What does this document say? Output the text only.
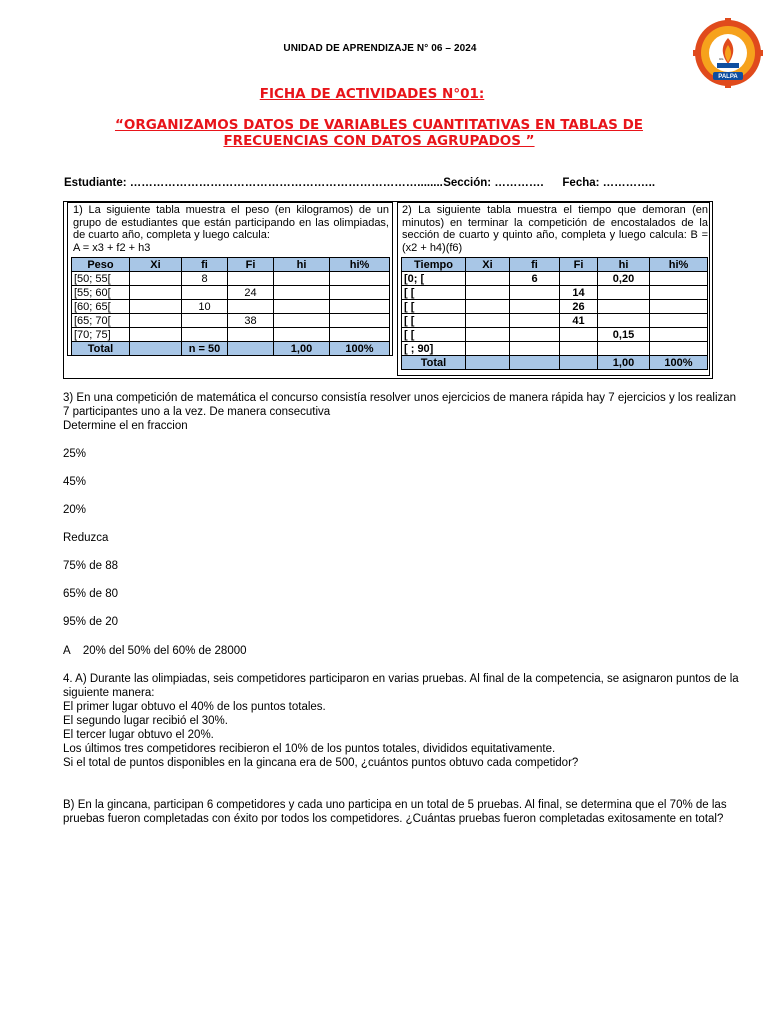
UNIDAD DE APRENDIZAJE N° 06 – 2024
PALPA
UG
FICHA DE ACTIVIDADES N°01:
“ORGANIZAMOS DATOS DE VARIABLES CUANTITATIVAS EN TABLAS DE FRECUENCIAS CON DATOS AGRUPADOS ”
Estudiante: …………………………………………………………………........ Sección: …………. Fecha: …………..
1) La siguiente tabla muestra el peso (en kilogramos) de un grupo de estudiantes que están participando en las olimpiadas, de cuarto año, completa y luego calcula:
A = x3 + f2 + h3
Peso	Xi	fi	Fi	hi	hi%
[50; 55[		8			
[55; 60[			24		
[60; 65[		10			
[65; 70[			38		
[70; 75]					
Total		n = 50		1,00	100%
2) La siguiente tabla muestra el tiempo que demoran (en minutos) en terminar la competición de encostalados de la sección de cuarto y quinto año, completa y luego calcula: B = (x2 + h4)(f6)
Tiempo	Xi	fi	Fi	hi	hi%
[0; [		6		0,20	
[ [			14		
[ [			26		
[ [			41		
[ [				0,15	
[ ; 90]					
Total				1,00	100%
3) En una competición de matemática el concurso consistía resolver unos ejercicios de manera rápida hay 7 ejercicios y los realizan
7 participantes uno a la vez. De manera consecutiva
Determine el en fraccion
25%
45%
20%
Reduzca
75% de 88
65% de 80
95% de 20
A    20% del 50% del 60% de 28000
4. A) Durante las olimpiadas, seis competidores participaron en varias pruebas. Al final de la competencia, se asignaron puntos de la
siguiente manera:
El primer lugar obtuvo el 40% de los puntos totales.
El segundo lugar recibió el 30%.
El tercer lugar obtuvo el 20%.
Los últimos tres competidores recibieron el 10% de los puntos totales, divididos equitativamente.
Si el total de puntos disponibles en la gincana era de 500, ¿cuántos puntos obtuvo cada competidor?
B) En la gincana, participan 6 competidores y cada uno participa en un total de 5 pruebas. Al final, se determina que el 70% de las
pruebas fueron completadas con éxito por todos los competidores. ¿Cuántas pruebas fueron completadas exitosamente en total?
